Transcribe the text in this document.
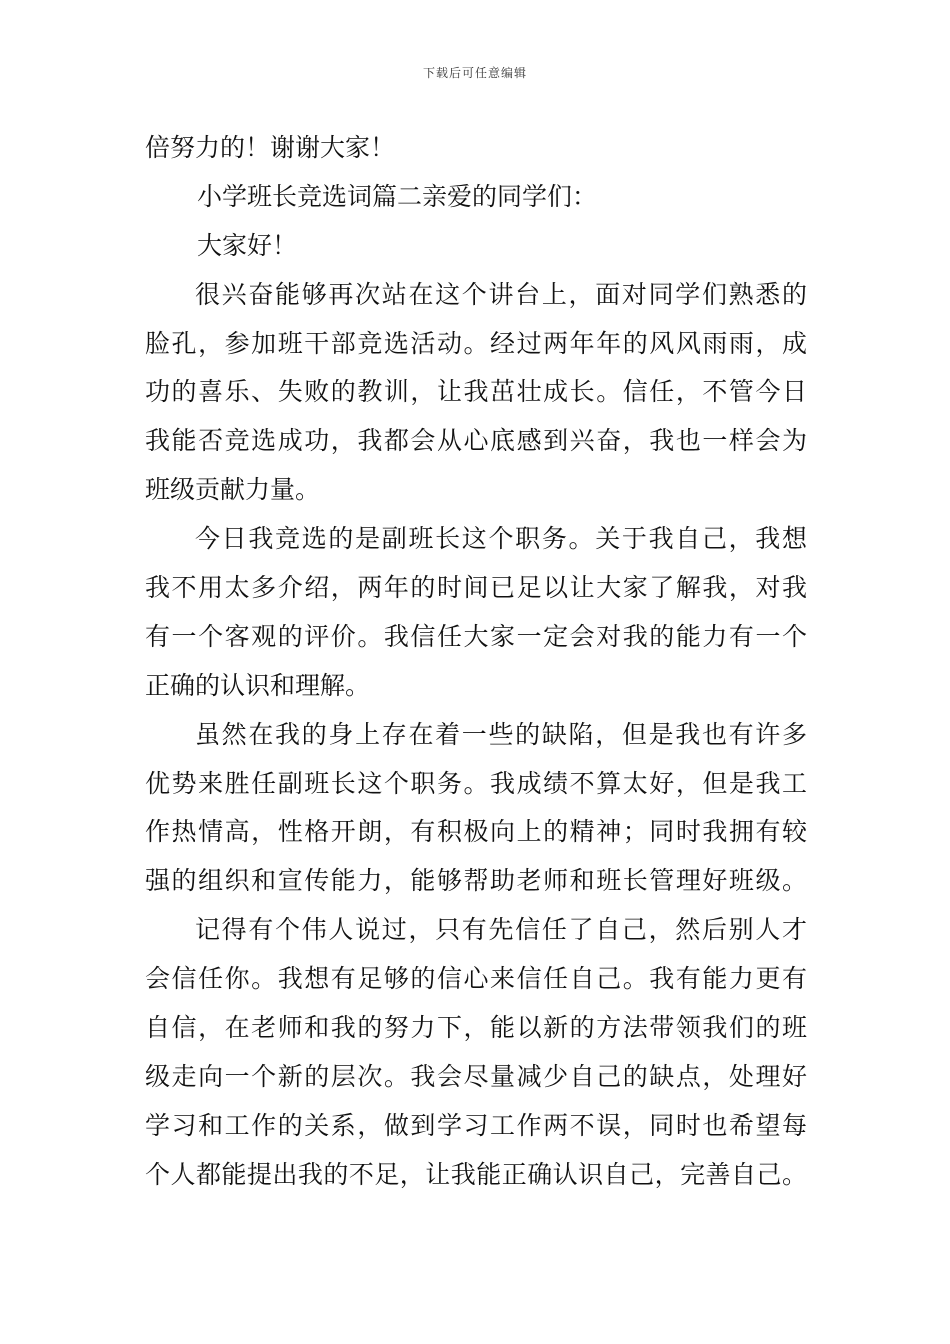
下载后可任意编辑
倍努力的！谢谢大家！
小学班长竞选词篇二亲爱的同学们：
大家好！
很兴奋能够再次站在这个讲台上，面对同学们熟悉的
脸孔，参加班干部竞选活动。经过两年年的风风雨雨，成
功的喜乐、失败的教训，让我茁壮成长。信任，不管今日
我能否竞选成功，我都会从心底感到兴奋，我也一样会为
班级贡献力量。
今日我竞选的是副班长这个职务。关于我自己，我想
我不用太多介绍，两年的时间已足以让大家了解我，对我
有一个客观的评价。我信任大家一定会对我的能力有一个
正确的认识和理解。
虽然在我的身上存在着一些的缺陷，但是我也有许多
优势来胜任副班长这个职务。我成绩不算太好，但是我工
作热情高，性格开朗，有积极向上的精神；同时我拥有较
强的组织和宣传能力，能够帮助老师和班长管理好班级。
记得有个伟人说过，只有先信任了自己，然后别人才
会信任你。我想有足够的信心来信任自己。我有能力更有
自信，在老师和我的努力下，能以新的方法带领我们的班
级走向一个新的层次。我会尽量减少自己的缺点，处理好
学习和工作的关系，做到学习工作两不误，同时也希望每
个人都能提出我的不足，让我能正确认识自己，完善自己。
